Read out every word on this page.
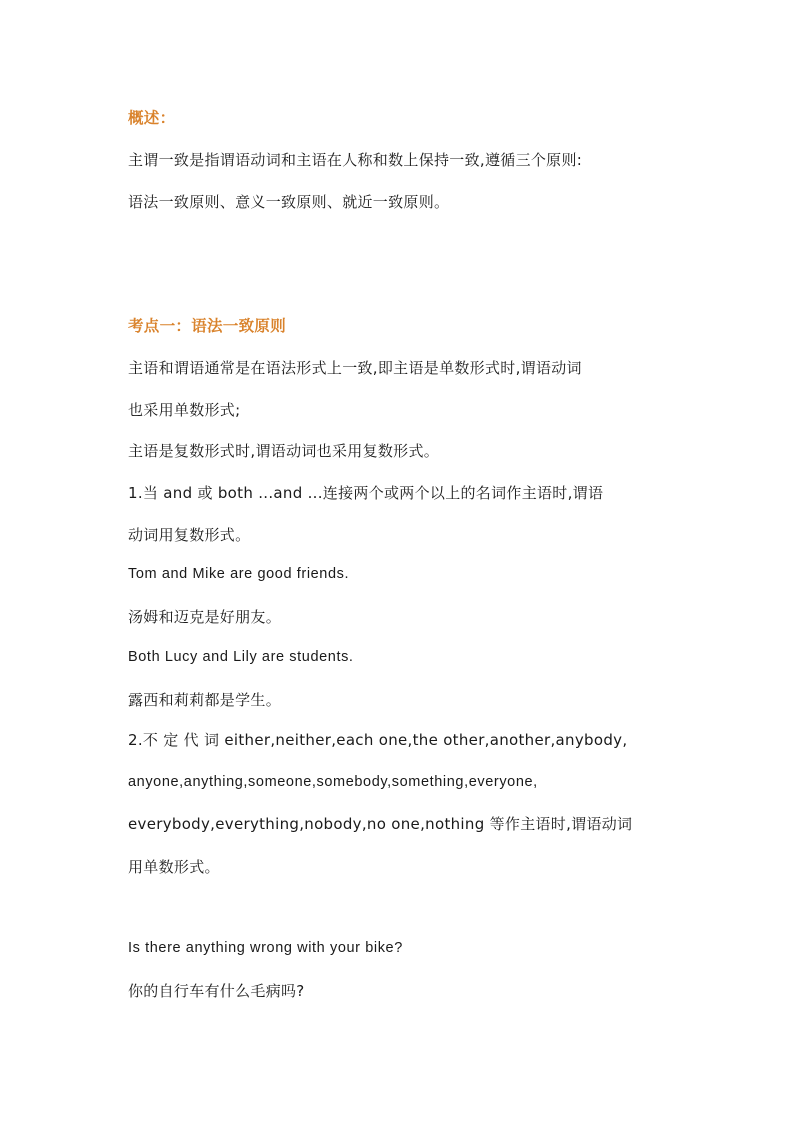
概述：
主谓一致是指谓语动词和主语在人称和数上保持一致,遵循三个原则:
语法一致原则、意义一致原则、就近一致原则。
考点一：语法一致原则
主语和谓语通常是在语法形式上一致,即主语是单数形式时,谓语动词
也采用单数形式;
主语是复数形式时,谓语动词也采用复数形式。
1.当 and 或 both ...and ...连接两个或两个以上的名词作主语时,谓语
动词用复数形式。
Tom and Mike are good friends.
汤姆和迈克是好朋友。
Both Lucy and Lily are students.
露西和莉莉都是学生。
2.不 定 代 词 either,neither,each one,the other,another,anybody,
anyone,anything,someone,somebody,something,everyone,
everybody,everything,nobody,no one,nothing 等作主语时,谓语动词
用单数形式。
Is there anything wrong with your bike?
你的自行车有什么毛病吗?
